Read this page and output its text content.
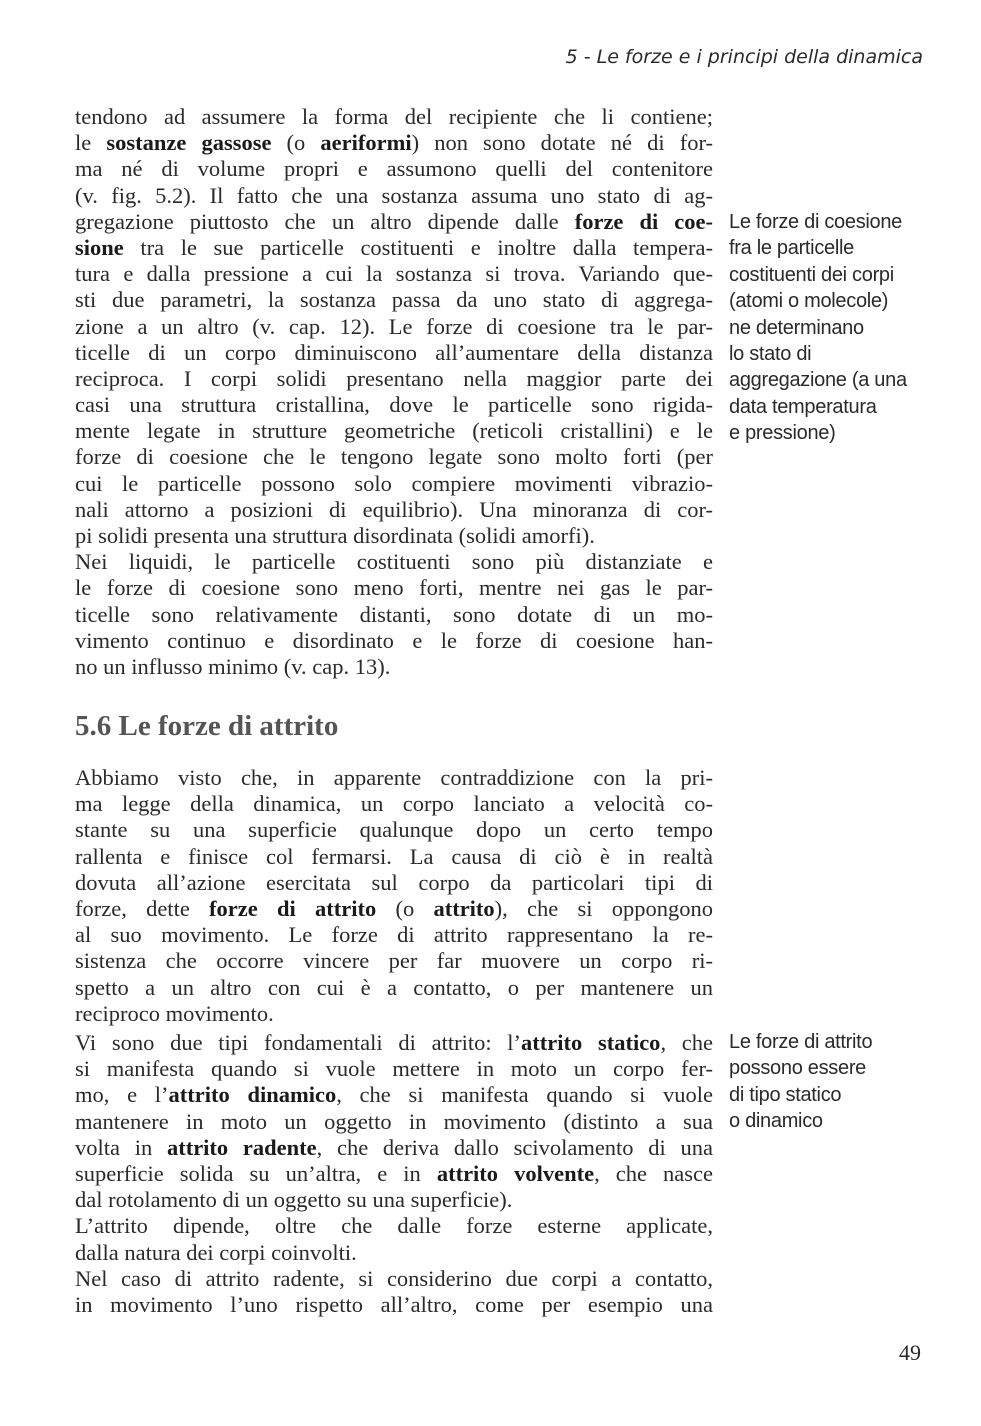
5 - Le forze e i principi della dinamica
tendono ad assumere la forma del recipiente che li contiene;
le sostanze gassose (o aeriformi) non sono dotate né di for-
ma né di volume propri e assumono quelli del contenitore
(v. fig. 5.2). Il fatto che una sostanza assuma uno stato di ag-
gregazione piuttosto che un altro dipende dalle forze di coe-
sione tra le sue particelle costituenti e inoltre dalla tempera-
tura e dalla pressione a cui la sostanza si trova. Variando que-
sti due parametri, la sostanza passa da uno stato di aggrega-
zione a un altro (v. cap. 12). Le forze di coesione tra le par-
ticelle di un corpo diminuiscono all’aumentare della distanza
reciproca. I corpi solidi presentano nella maggior parte dei
casi una struttura cristallina, dove le particelle sono rigida-
mente legate in strutture geometriche (reticoli cristallini) e le
forze di coesione che le tengono legate sono molto forti (per
cui le particelle possono solo compiere movimenti vibrazio-
nali attorno a posizioni di equilibrio). Una minoranza di cor-
pi solidi presenta una struttura disordinata (solidi amorfi).
Nei liquidi, le particelle costituenti sono più distanziate e
le forze di coesione sono meno forti, mentre nei gas le par-
ticelle sono relativamente distanti, sono dotate di un mo-
vimento continuo e disordinato e le forze di coesione han-
no un influsso minimo (v. cap. 13).
5.6 Le forze di attrito
Abbiamo visto che, in apparente contraddizione con la pri-
ma legge della dinamica, un corpo lanciato a velocità co-
stante su una superficie qualunque dopo un certo tempo
rallenta e finisce col fermarsi. La causa di ciò è in realtà
dovuta all’azione esercitata sul corpo da particolari tipi di
forze, dette forze di attrito (o attrito), che si oppongono
al suo movimento. Le forze di attrito rappresentano la re-
sistenza che occorre vincere per far muovere un corpo ri-
spetto a un altro con cui è a contatto, o per mantenere un
reciproco movimento.
Vi sono due tipi fondamentali di attrito: l’attrito statico, che
si manifesta quando si vuole mettere in moto un corpo fer-
mo, e l’attrito dinamico, che si manifesta quando si vuole
mantenere in moto un oggetto in movimento (distinto a sua
volta in attrito radente, che deriva dallo scivolamento di una
superficie solida su un’altra, e in attrito volvente, che nasce
dal rotolamento di un oggetto su una superficie).
L’attrito dipende, oltre che dalle forze esterne applicate,
dalla natura dei corpi coinvolti.
Nel caso di attrito radente, si considerino due corpi a contatto,
in movimento l’uno rispetto all’altro, come per esempio una
Le forze di coesione
fra le particelle
costituenti dei corpi
(atomi o molecole)
ne determinano
lo stato di
aggregazione (a una
data temperatura
e pressione)
Le forze di attrito
possono essere
di tipo statico
o dinamico
49
